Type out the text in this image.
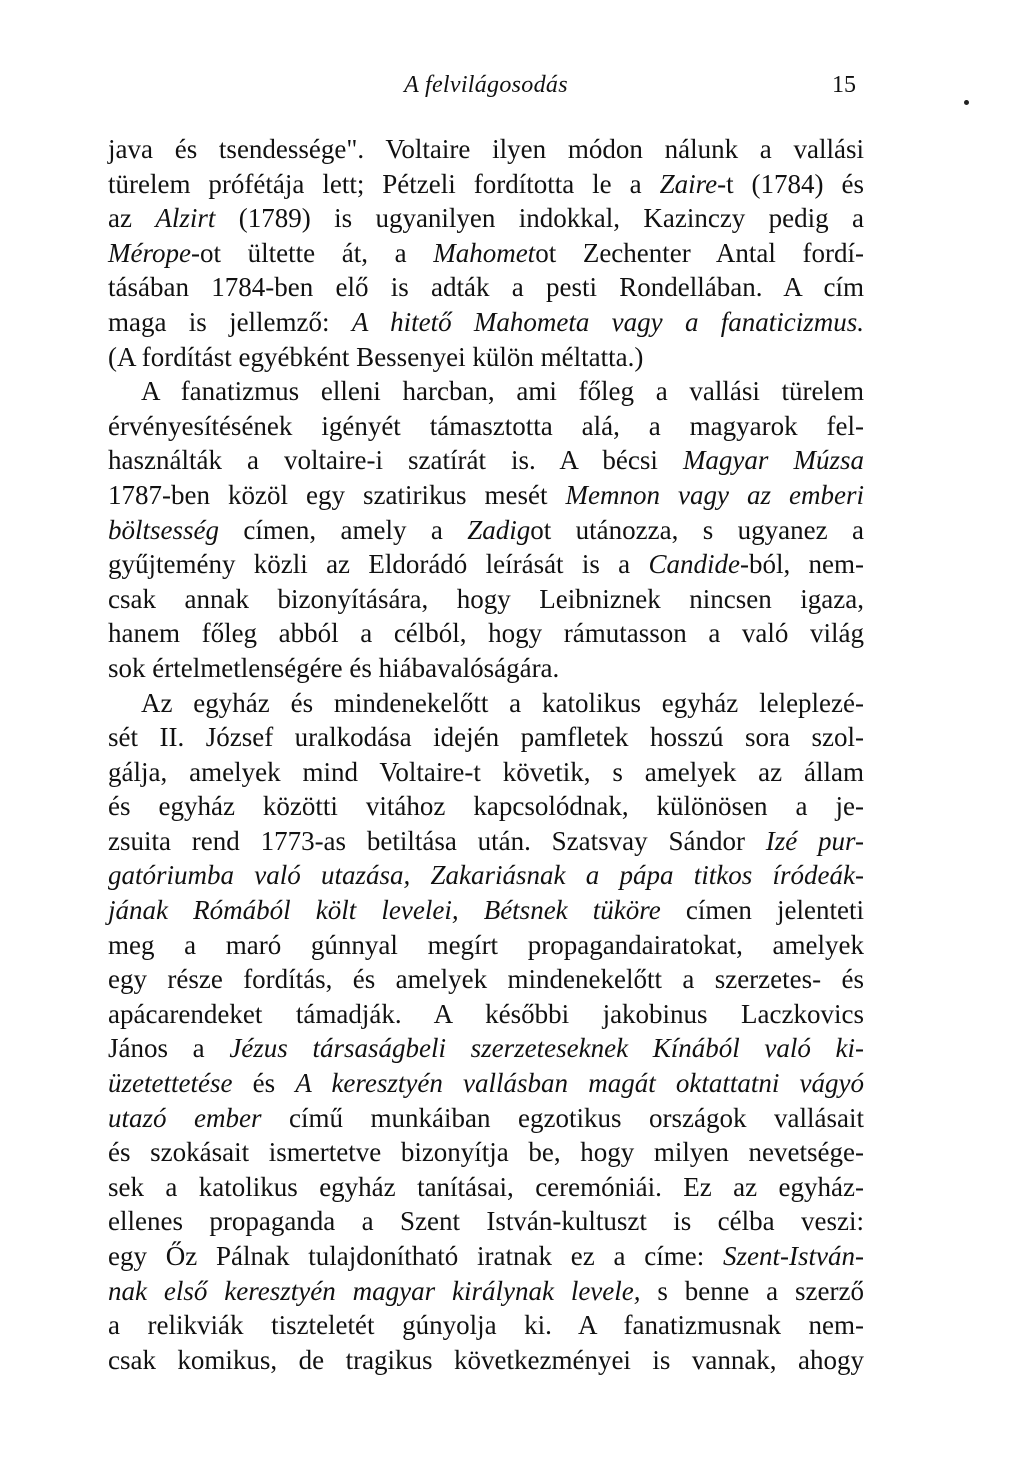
A felvilágosodás	15
java és tsendessége". Voltaire ilyen módon nálunk a vallási
türelem prófétája lett; Pétzeli fordította le a Zaire-t (1784) és
az Alzirt (1789) is ugyanilyen indokkal, Kazinczy pedig a
Mérope-ot ültette át, a Mahometot Zechenter Antal fordí-
tásában 1784-ben elő is adták a pesti Rondellában. A cím
maga is jellemző: A hitető Mahometa vagy a fanaticizmus.
(A fordítást egyébként Bessenyei külön méltatta.)
A fanatizmus elleni harcban, ami főleg a vallási türelem
érvényesítésének igényét támasztotta alá, a magyarok fel-
használták a voltaire-i szatírát is. A bécsi Magyar Múzsa
1787-ben közöl egy szatirikus mesét Memnon vagy az emberi
böltsesség címen, amely a Zadigot utánozza, s ugyanez a
gyűjtemény közli az Eldorádó leírását is a Candide-ból, nem-
csak annak bizonyítására, hogy Leibniznek nincsen igaza,
hanem főleg abból a célból, hogy rámutasson a való világ
sok értelmetlenségére és hiábavalóságára.
Az egyház és mindenekelőtt a katolikus egyház leleplezé-
sét II. József uralkodása idején pamfletek hosszú sora szol-
gálja, amelyek mind Voltaire-t követik, s amelyek az állam
és egyház közötti vitához kapcsolódnak, különösen a je-
zsuita rend 1773-as betiltása után. Szatsvay Sándor Izé pur-
gatóriumba való utazása, Zakariásnak a pápa titkos íródeák-
jának Rómából költ levelei, Bétsnek tüköre címen jelenteti
meg a maró gúnnyal megírt propagandairatokat, amelyek
egy része fordítás, és amelyek mindenekelőtt a szerzetes- és
apácarendeket támadják. A későbbi jakobinus Laczkovics
János a Jézus társaságbeli szerzeteseknek Kínából való ki-
üzetettetése és A keresztyén vallásban magát oktattatni vágyó
utazó ember című munkáiban egzotikus országok vallásait
és szokásait ismertetve bizonyítja be, hogy milyen nevetsége-
sek a katolikus egyház tanításai, ceremóniái. Ez az egyház-
ellenes propaganda a Szent István-kultuszt is célba veszi:
egy Őz Pálnak tulajdonítható iratnak ez a címe: Szent-István-
nak első keresztyén magyar királynak levele, s benne a szerző
a relikviák tiszteletét gúnyolja ki. A fanatizmusnak nem-
csak komikus, de tragikus következményei is vannak, ahogy
